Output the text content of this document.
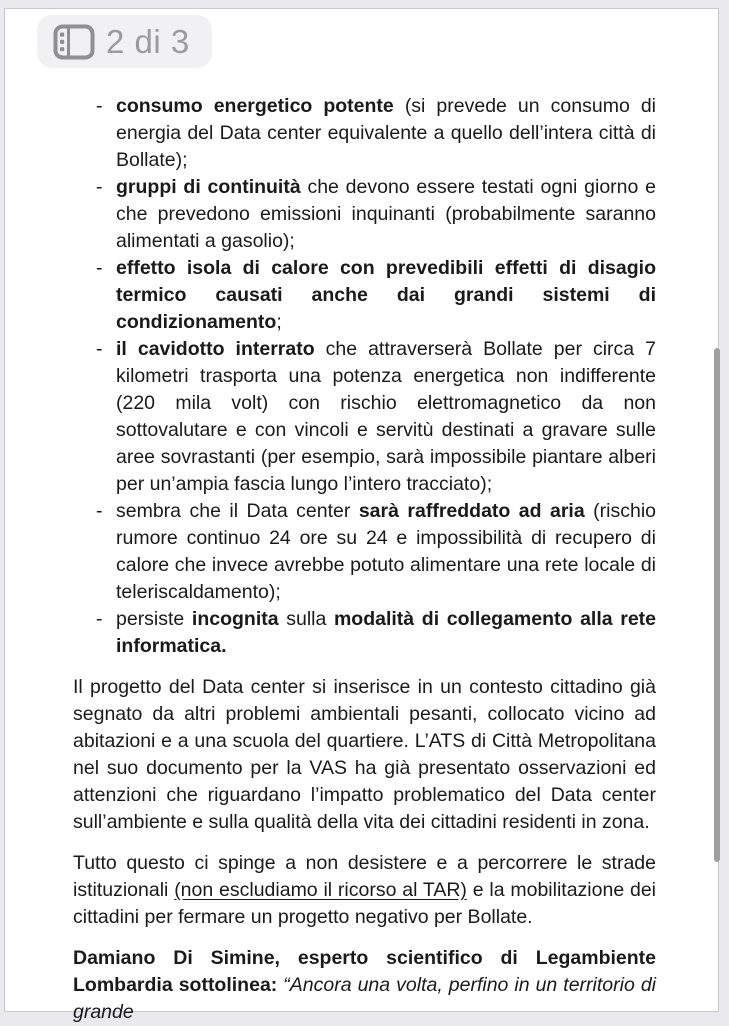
- consumo energetico potente (si prevede un consumo di energia del Data center equivalente a quello dell’intera città di Bollate);
- gruppi di continuità che devono essere testati ogni giorno e che prevedono emissioni inquinanti (probabilmente saranno alimentati a gasolio);
- effetto isola di calore con prevedibili effetti di disagio termico causati anche dai grandi sistemi di condizionamento;
- il cavidotto interrato che attraverserà Bollate per circa 7 kilometri trasporta una potenza energetica non indifferente (220 mila volt) con rischio elettromagnetico da non sottovalutare e con vincoli e servitù destinati a gravare sulle aree sovrastanti (per esempio, sarà impossibile piantare alberi per un’ampia fascia lungo l’intero tracciato);
- sembra che il Data center sarà raffreddato ad aria (rischio rumore continuo 24 ore su 24 e impossibilità di recupero di calore che invece avrebbe potuto alimentare una rete locale di teleriscaldamento);
- persiste incognita sulla modalità di collegamento alla rete informatica.
Il progetto del Data center si inserisce in un contesto cittadino già segnato da altri problemi ambientali pesanti, collocato vicino ad abitazioni e a una scuola del quartiere. L’ATS di Città Metropolitana nel suo documento per la VAS ha già presentato osservazioni ed attenzioni che riguardano l’impatto problematico del Data center sull’ambiente e sulla qualità della vita dei cittadini residenti in zona.
Tutto questo ci spinge a non desistere e a percorrere le strade istituzionali (non escludiamo il ricorso al TAR) e la mobilitazione dei cittadini per fermare un progetto negativo per Bollate.
Damiano Di Simine, esperto scientifico di Legambiente Lombardia sottolinea: “Ancora una volta, perfino in un territorio di grande
2 di 3
